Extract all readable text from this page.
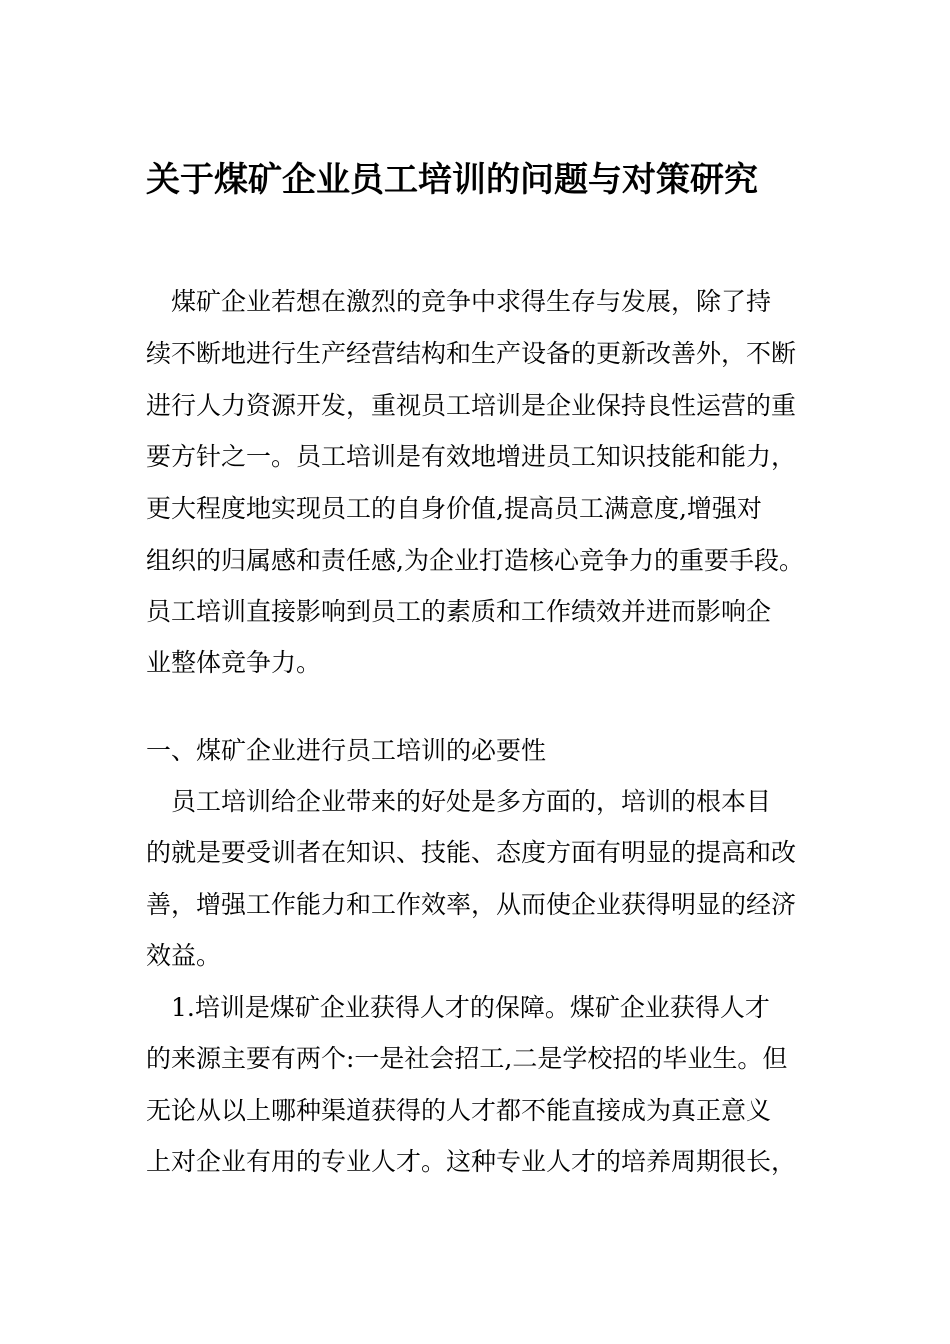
关于煤矿企业员工培训的问题与对策研究
　煤矿企业若想在激烈的竞争中求得生存与发展，除了持
续不断地进行生产经营结构和生产设备的更新改善外，不断
进行人力资源开发，重视员工培训是企业保持良性运营的重
要方针之一。员工培训是有效地增进员工知识技能和能力，
更大程度地实现员工的自身价值,提高员工满意度,增强对
组织的归属感和责任感,为企业打造核心竞争力的重要手段。
员工培训直接影响到员工的素质和工作绩效并进而影响企
业整体竞争力。
一、煤矿企业进行员工培训的必要性
　员工培训给企业带来的好处是多方面的，培训的根本目
的就是要受训者在知识、技能、态度方面有明显的提高和改
善，增强工作能力和工作效率，从而使企业获得明显的经济
效益。
　1.培训是煤矿企业获得人才的保障。煤矿企业获得人才
的来源主要有两个:一是社会招工,二是学校招的毕业生。但
无论从以上哪种渠道获得的人才都不能直接成为真正意义
上对企业有用的专业人才。这种专业人才的培养周期很长，
